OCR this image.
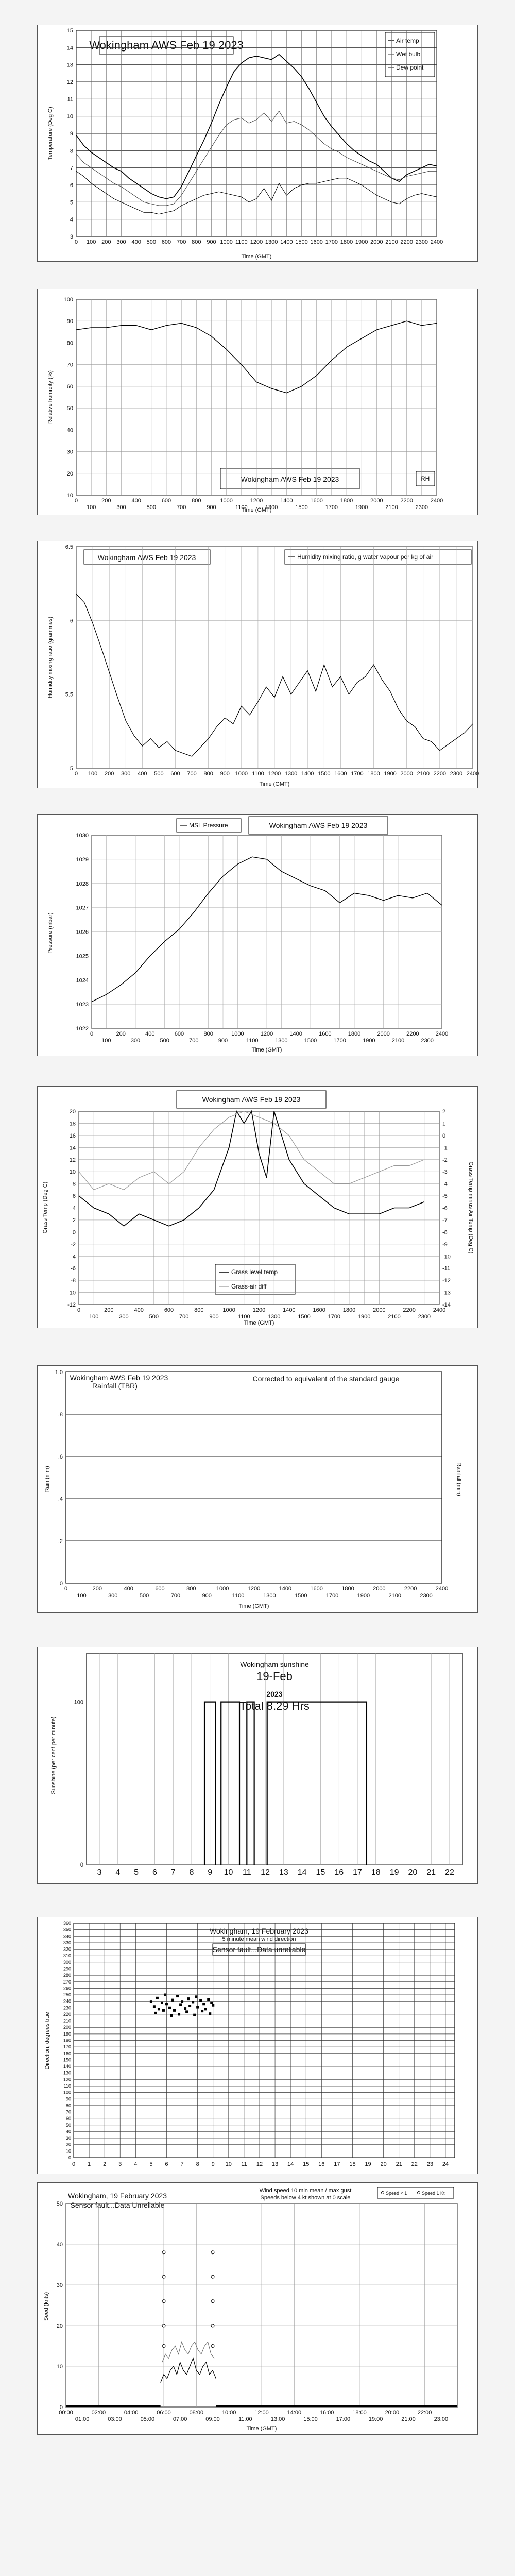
Wokingham AWS Feb 19 2023	Air temp
Wet bulb
Dew point
Time (GMT)
Temperature (Deg C)
3
4
5
6
7
8
9
10
11
12
13
14
15
0 100 200 300 400 500 600 700 800 900 1000 1100 1200 1300 1400 1500 1600 1700 1800 1900 2000 2100 2200 2300 2400
Wokingham AWS Feb 19 2023	RH
Time (GMT)
Relative humidity (%)
10
20
30
40
50
60
70
80
90
100
0	200	400	600	800	1000	1200	1400	1600	1800	2000	2200	2400
100	300	500	700	900	1100	1300	1500	1700	1900	2100	2300
Wokingham AWS Feb 19 2023	Humidity mixing ratio, g water vapour per kg of air
Time (GMT)
Humidity mixing ratio (grammes)
5
5.5
6
6.5
0 100 200 300 400 500 600 700 800 900 1000 1100 1200 1300 1400 1500 1600 1700 1800 1900 2000 2100 2200 2300 2400
MSL Pressure	Wokingham AWS Feb 19 2023
Time (GMT)
Pressure (mbar)
1022
1023
1024
1025
1026
1027
1028
1029
1030
0	200	400	600	800	1000	1200	1400	1600	1800	2000	2200	2400
100	300	500	700	900	1100	1300	1500	1700	1900	2100	2300
Wokingham AWS Feb 19 2023
Grass level temp
Grass-air diff
Time (GMT)
Grass Temp (Deg C)	Grass Temp minus Air Temp (Deg C)
-12
-10
-8
-6
-4
-2
0
2
4
6
8
10
12
14
16
18
20
0	200	400	600	800	1000	1200	1400	1600	1800	2000	2200	2400
100	300	500	700	900	1100	1300	1500	1700	1900	2100	2300
-14
-13
-12
-11
-10
-9
-8
-7
-6
-5
-4
-3
-2
-1
0
1
2
Wokingham AWS Feb 19 2023
Rainfall (TBR)
Corrected to equivalent of the standard gauge
Time (GMT)
Rain (mm)	Rainfall (mm)
0
.2
.4
.6
.8
1.0
0	200	400	600	800	1000	1200	1400	1600	1800	2000	2200	2400
100	300	500	700	900	1100	1300	1500	1700	1900	2100	2300
Wokingham sunshine
19-Feb
2023
Total 8.29 Hrs
Sunshine (per cent per minute)
3 4 5 6 7 8 9 10 11 12 13 14 15 16 17 18 19 20 21 22
0
100
Wokingham, 19 February 2023
5 minute mean wind direction
Sensor fault...Data unreliable
Direction, degrees true
0
10
20
30
40
50
60
70
80
90
100
110
120
130
140
150
160
170
180
190
200
210
220
230
240
250
260
270
280
290
300
310
320
330
340
350
360
0 1 2 3 4 5 6 7 8 9 10 11 12 13 14 15 16 17 18 19 20 21 22 23 24
Wokingham, 19 February 2023
Sensor fault...Data Unreliable
Wind speed 10 min mean / max gust
Speeds below 4 kt shown at 0 scale
Speed < 1	Speed 1 Kt
Time (GMT)
Seed (knts)
0
10
20
30
40
50
00:00	02:00	04:00	06:00	08:00	10:00	12:00	14:00	16:00	18:00	20:00	22:00
01:00	03:00	05:00	07:00	09:00	11:00	13:00	15:00	17:00	19:00	21:00	23:00
